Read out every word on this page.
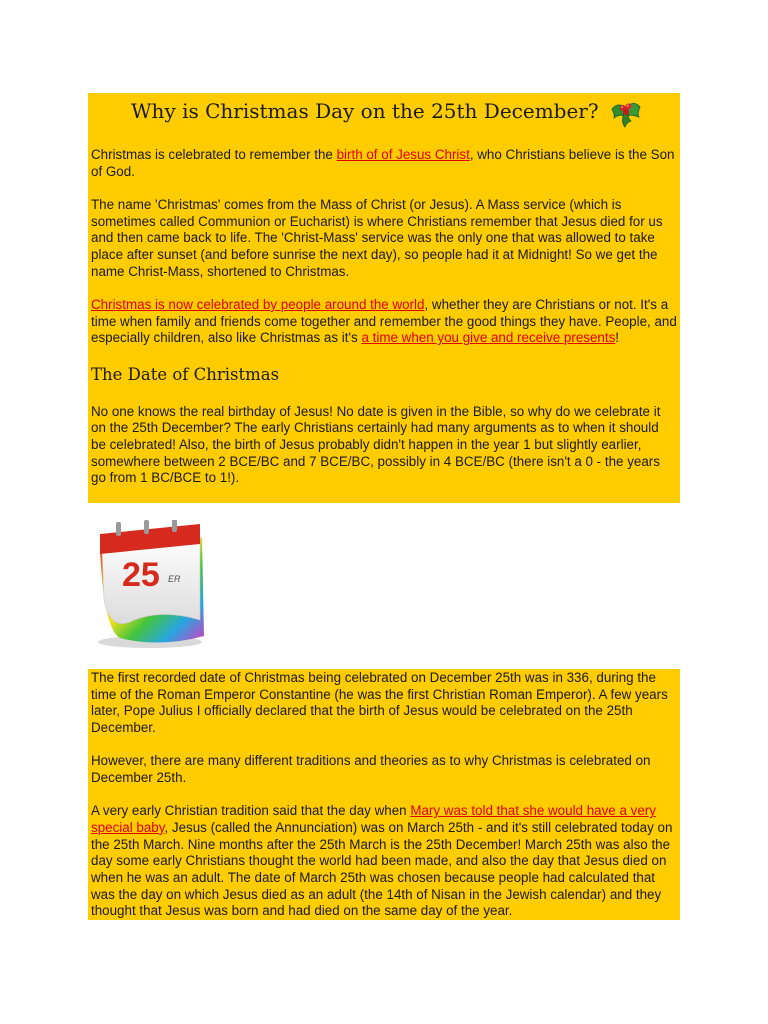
Why is Christmas Day on the 25th December?

Christmas is celebrated to remember the birth of of Jesus Christ, who Christians believe is the Son of God.

The name 'Christmas' comes from the Mass of Christ (or Jesus). A Mass service (which is sometimes called Communion or Eucharist) is where Christians remember that Jesus died for us and then came back to life. The 'Christ-Mass' service was the only one that was allowed to take place after sunset (and before sunrise the next day), so people had it at Midnight! So we get the name Christ-Mass, shortened to Christmas.

Christmas is now celebrated by people around the world, whether they are Christians or not. It's a time when family and friends come together and remember the good things they have. People, and especially children, also like Christmas as it's a time when you give and receive presents!

The Date of Christmas

No one knows the real birthday of Jesus! No date is given in the Bible, so why do we celebrate it on the 25th December? The early Christians certainly had many arguments as to when it should be celebrated! Also, the birth of Jesus probably didn't happen in the year 1 but slightly earlier, somewhere between 2 BCE/BC and 7 BCE/BC, possibly in 4 BCE/BC (there isn't a 0 - the years go from 1 BC/BCE to 1!).

25 ER

The first recorded date of Christmas being celebrated on December 25th was in 336, during the time of the Roman Emperor Constantine (he was the first Christian Roman Emperor). A few years later, Pope Julius I officially declared that the birth of Jesus would be celebrated on the 25th December.

However, there are many different traditions and theories as to why Christmas is celebrated on December 25th.

A very early Christian tradition said that the day when Mary was told that she would have a very special baby, Jesus (called the Annunciation) was on March 25th - and it's still celebrated today on the 25th March. Nine months after the 25th March is the 25th December! March 25th was also the day some early Christians thought the world had been made, and also the day that Jesus died on when he was an adult. The date of March 25th was chosen because people had calculated that was the day on which Jesus died as an adult (the 14th of Nisan in the Jewish calendar) and they thought that Jesus was born and had died on the same day of the year.
